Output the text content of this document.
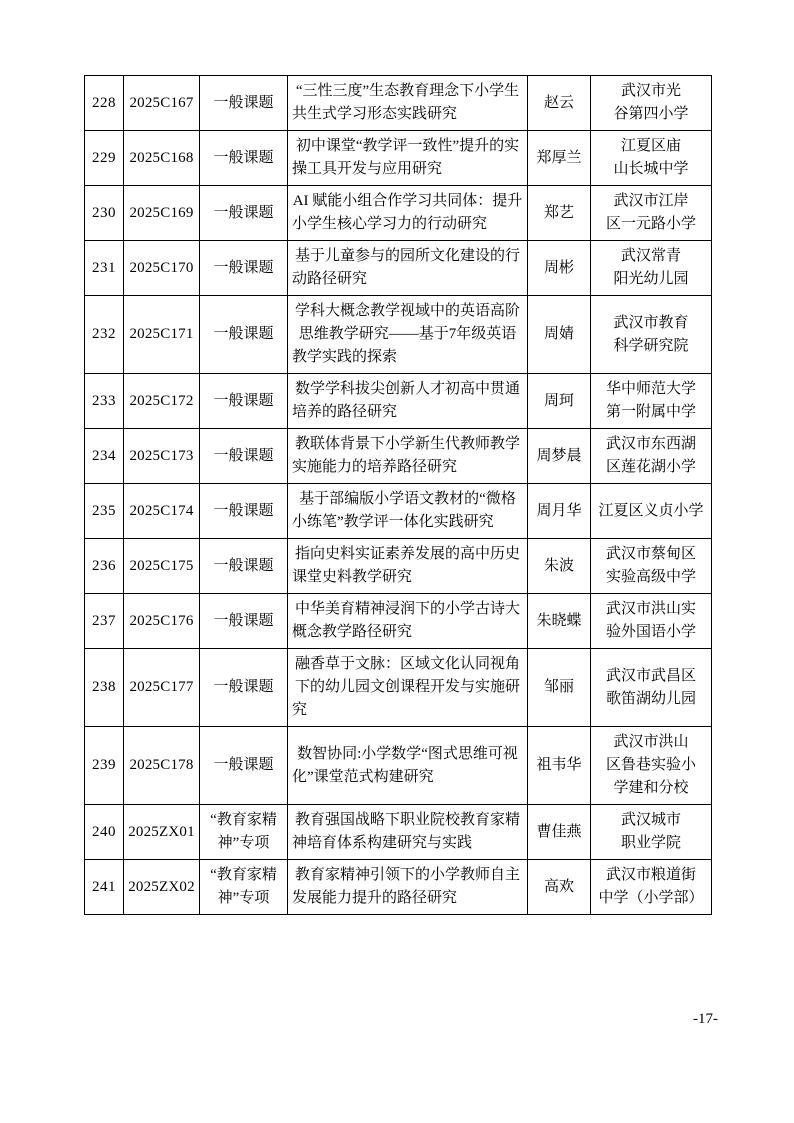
228	2025C167	一般课题	“三性三度”生态教育理念下小学生共生式学习形态实践研究	赵云	武汉市光谷第四小学
229	2025C168	一般课题	初中课堂“教学评一致性”提升的实操工具开发与应用研究	郑厚兰	江夏区庙山长城中学
230	2025C169	一般课题	AI 赋能小组合作学习共同体：提升小学生核心学习力的行动研究	郑艺	武汉市江岸区一元路小学
231	2025C170	一般课题	基于儿童参与的园所文化建设的行动路径研究	周彬	武汉常青阳光幼儿园
232	2025C171	一般课题	学科大概念教学视域中的英语高阶思维教学研究——基于7年级英语教学实践的探索	周婧	武汉市教育科学研究院
233	2025C172	一般课题	数学学科拔尖创新人才初高中贯通培养的路径研究	周珂	华中师范大学第一附属中学
234	2025C173	一般课题	教联体背景下小学新生代教师教学实施能力的培养路径研究	周梦晨	武汉市东西湖区莲花湖小学
235	2025C174	一般课题	基于部编版小学语文教材的“微格小练笔”教学评一体化实践研究	周月华	江夏区义贞小学
236	2025C175	一般课题	指向史料实证素养发展的高中历史课堂史料教学研究	朱波	武汉市蔡甸区实验高级中学
237	2025C176	一般课题	中华美育精神浸润下的小学古诗大概念教学路径研究	朱晓蝶	武汉市洪山实验外国语小学
238	2025C177	一般课题	融香草于文脉：区域文化认同视角下的幼儿园文创课程开发与实施研究	邹丽	武汉市武昌区歌笛湖幼儿园
239	2025C178	一般课题	数智协同:小学数学“图式思维可视化”课堂范式构建研究	祖韦华	武汉市洪山区鲁巷实验小学建和分校
240	2025ZX01	“教育家精神”专项	教育强国战略下职业院校教育家精神培育体系构建研究与实践	曹佳燕	武汉城市职业学院
241	2025ZX02	“教育家精神”专项	教育家精神引领下的小学教师自主发展能力提升的路径研究	高欢	武汉市粮道街中学（小学部）
-17-
